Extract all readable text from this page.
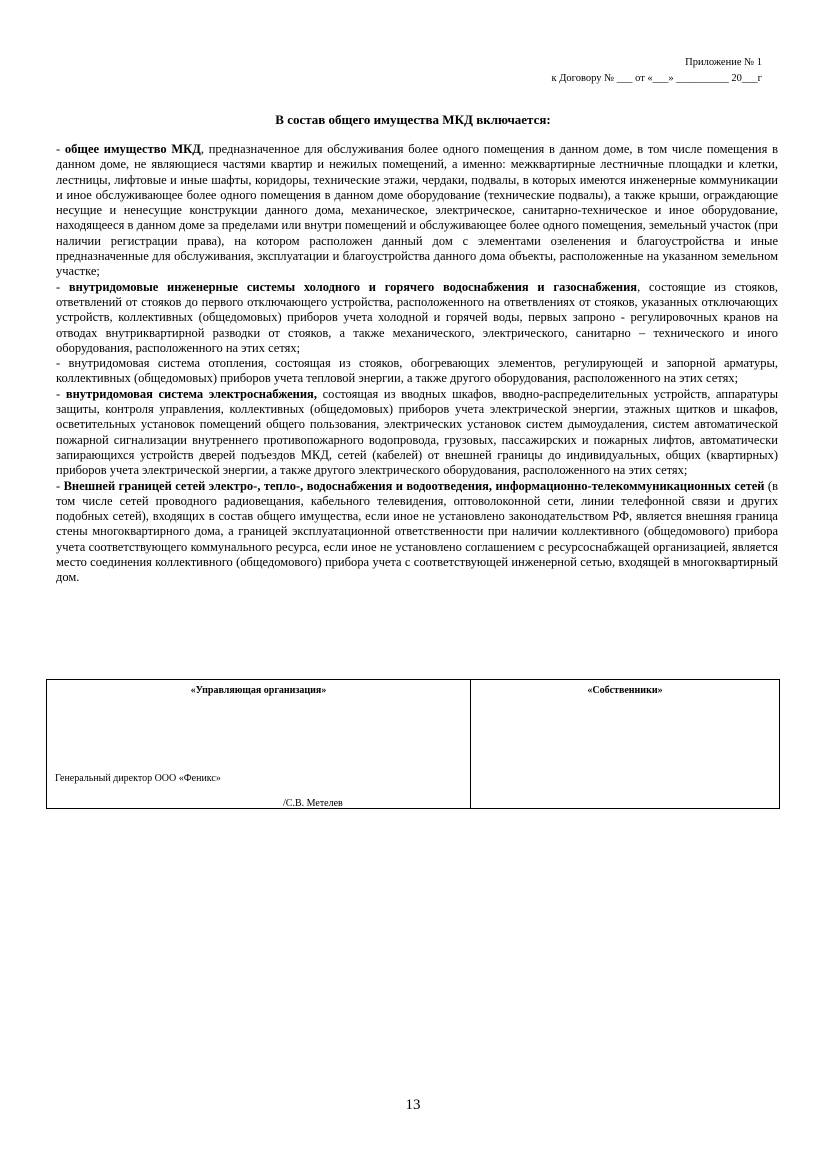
Приложение № 1
к Договору № ___ от «___» __________ 20___г
В состав общего имущества МКД включается:

- общее имущество МКД, предназначенное для обслуживания более одного помещения в данном доме, в том числе помещения в данном доме, не являющиеся частями квартир и нежилых помещений, а именно: межквартирные лестничные площадки и клетки, лестницы, лифтовые и иные шафты, коридоры, технические этажи, чердаки, подвалы, в которых имеются инженерные коммуникации и иное обслуживающее более одного помещения в данном доме оборудование (технические подвалы), а также крыши, ограждающие несущие и ненесущие конструкции данного дома, механическое, электрическое, санитарно-техническое и иное оборудование, находящееся в данном доме за пределами или внутри помещений и обслуживающее более одного помещения, земельный участок (при наличии регистрации права), на котором расположен данный дом с элементами озеленения и благоустройства и иные предназначенные для обслуживания, эксплуатации и благоустройства данного дома объекты, расположенные на указанном земельном участке;

- внутридомовые инженерные системы холодного и горячего водоснабжения и газоснабжения, состоящие из стояков, ответвлений от стояков до первого отключающего устройства, расположенного на ответвлениях от стояков, указанных отключающих устройств, коллективных (общедомовых) приборов учета холодной и горячей воды, первых запроно - регулировочных кранов на отводах внутриквартирной разводки от стояков, а также механического, электрического, санитарно – технического и иного оборудования, расположенного на этих сетях;

- внутридомовая система отопления, состоящая из стояков, обогревающих элементов, регулирующей и запорной арматуры, коллективных (общедомовых) приборов учета тепловой энергии, а также другого оборудования, расположенного на этих сетях;

- внутридомовая система электроснабжения, состоящая из вводных шкафов, вводно-распределительных устройств, аппаратуры защиты, контроля управления, коллективных (общедомовых) приборов учета электрической энергии, этажных щитков и шкафов, осветительных установок помещений общего пользования, электрических установок систем дымоудаления, систем автоматической пожарной сигнализации внутреннего противопожарного водопровода, грузовых, пассажирских и пожарных лифтов, автоматически запирающихся устройств дверей подъездов МКД, сетей (кабелей) от внешней границы до индивидуальных, общих (квартирных) приборов учета электрической энергии, а также другого электрического оборудования, расположенного на этих сетях;

- Внешней границей сетей электро-, тепло-, водоснабжения и водоотведения, информационно-телекоммуникационных сетей (в том числе сетей проводного радиовещания, кабельного телевидения, оптоволоконной сети, линии телефонной связи и других подобных сетей), входящих в состав общего имущества, если иное не установлено законодательством РФ, является внешняя граница стены многоквартирного дома, а границей эксплуатационной ответственности при наличии коллективного (общедомового) прибора учета соответствующего коммунального ресурса, если иное не установлено соглашением с ресурсоснабжащей организацией, является место соединения коллективного (общедомового) прибора учета с соответствующей инженерной сетью, входящей в многоквартирный дом.

«Управляющая организация»
Генеральный директор ООО «Феникс»
/С.В. Метелев

«Собственники»
13
